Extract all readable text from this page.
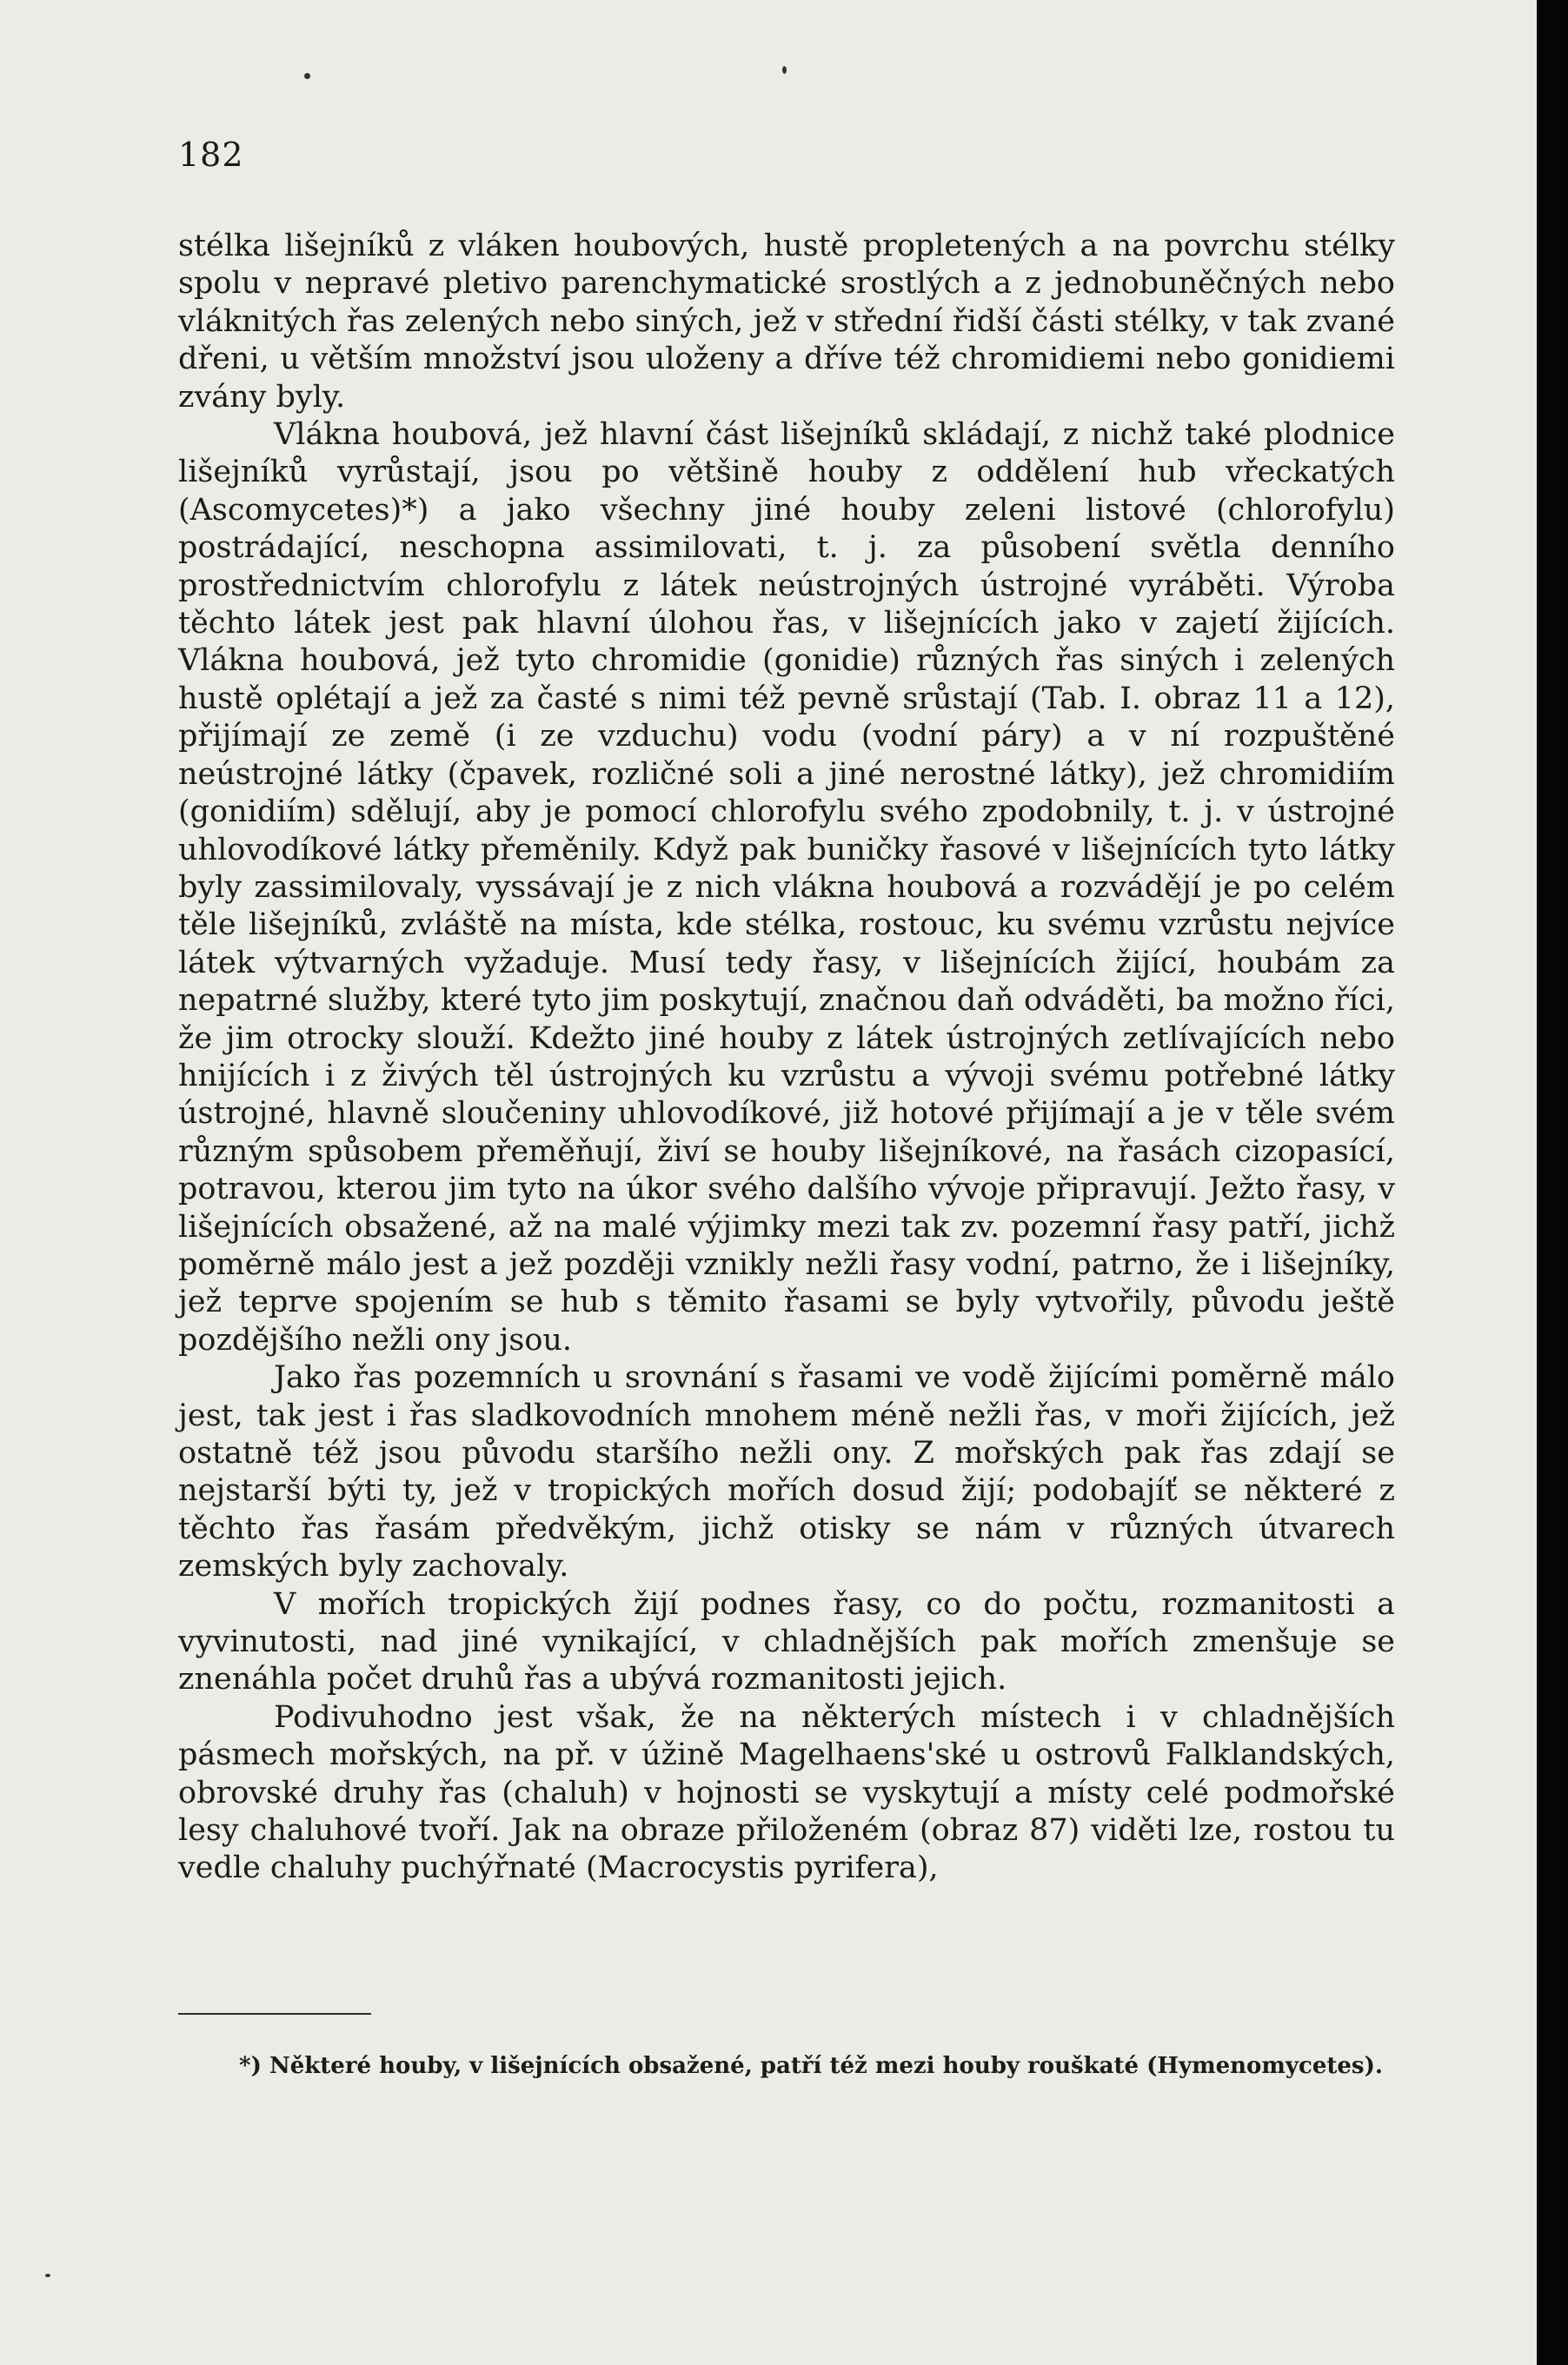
182

stélka lišejníků z vláken houbových, hustě propletených a na povrchu stélky spolu v nepravé pletivo parenchymatické srostlých a z jednobuněčných nebo vláknitých řas zelených nebo siných, jež v střední řidší části stélky, v tak zvané dřeni, u větším množství jsou uloženy a dříve též chromidiemi nebo gonidiemi zvány byly.

Vlákna houbová, jež hlavní část lišejníků skládají, z nichž také plodnice lišejníků vyrůstají, jsou po většině houby z oddělení hub vřeckatých (Ascomycetes)*) a jako všechny jiné houby zeleni listové (chlorofylu) postrádající, neschopna assimilovati, t. j. za působení světla denního prostřednictvím chlorofylu z látek neústrojných ústrojné vyráběti. Výroba těchto látek jest pak hlavní úlohou řas, v lišejnících jako v zajetí žijících. Vlákna houbová, jež tyto chromidie (gonidie) různých řas siných i zelených hustě oplétají a jež za časté s nimi též pevně srůstají (Tab. I. obraz 11 a 12), přijímají ze země (i ze vzduchu) vodu (vodní páry) a v ní rozpuštěné neústrojné látky (čpavek, rozličné soli a jiné nerostné látky), jež chromidiím (gonidiím) sdělují, aby je pomocí chlorofylu svého zpodobnily, t. j. v ústrojné uhlovodíkové látky přeměnily. Když pak buničky řasové v lišejnících tyto látky byly zassimilovaly, vyssávají je z nich vlákna houbová a rozvádějí je po celém těle lišejníků, zvláště na místa, kde stélka, rostouc, ku svému vzrůstu nejvíce látek výtvarných vyžaduje. Musí tedy řasy, v lišejnících žijící, houbám za nepatrné služby, které tyto jim poskytují, značnou daň odváděti, ba možno říci, že jim otrocky slouží. Kdežto jiné houby z látek ústrojných zetlívajících nebo hnijících i z živých těl ústrojných ku vzrůstu a vývoji svému potřebné látky ústrojné, hlavně sloučeniny uhlovodíkové, již hotové přijímají a je v těle svém různým spůsobem přeměňují, živí se houby lišejníkové, na řasách cizopasící, potravou, kterou jim tyto na úkor svého dalšího vývoje připravují. Ježto řasy, v lišejnících obsažené, až na malé výjimky mezi tak zv. pozemní řasy patří, jichž poměrně málo jest a jež později vznikly nežli řasy vodní, patrno, že i lišejníky, jež teprve spojením se hub s těmito řasami se byly vytvořily, původu ještě pozdějšího nežli ony jsou.

Jako řas pozemních u srovnání s řasami ve vodě žijícími poměrně málo jest, tak jest i řas sladkovodních mnohem méně nežli řas, v moři žijících, jež ostatně též jsou původu staršího nežli ony. Z mořských pak řas zdají se nejstarší býti ty, jež v tropických mořích dosud žijí; podobajíť se některé z těchto řas řasám předvěkým, jichž otisky se nám v různých útvarech zemských byly zachovaly.

V mořích tropických žijí podnes řasy, co do počtu, rozmanitosti a vyvinutosti, nad jiné vynikající, v chladnějších pak mořích zmenšuje se znenáhla počet druhů řas a ubývá rozmanitosti jejich.

Podivuhodno jest však, že na některých místech i v chladnějších pásmech mořských, na př. v úžině Magelhaens'ské u ostrovů Falklandských, obrovské druhy řas (chaluh) v hojnosti se vyskytují a místy celé podmořské lesy chaluhové tvoří. Jak na obraze přiloženém (obraz 87) viděti lze, rostou tu vedle chaluhy puchýřnaté (Macrocystis pyrifera),

*) Některé houby, v lišejnících obsažené, patří též mezi houby rouškaté (Hymenomycetes).
